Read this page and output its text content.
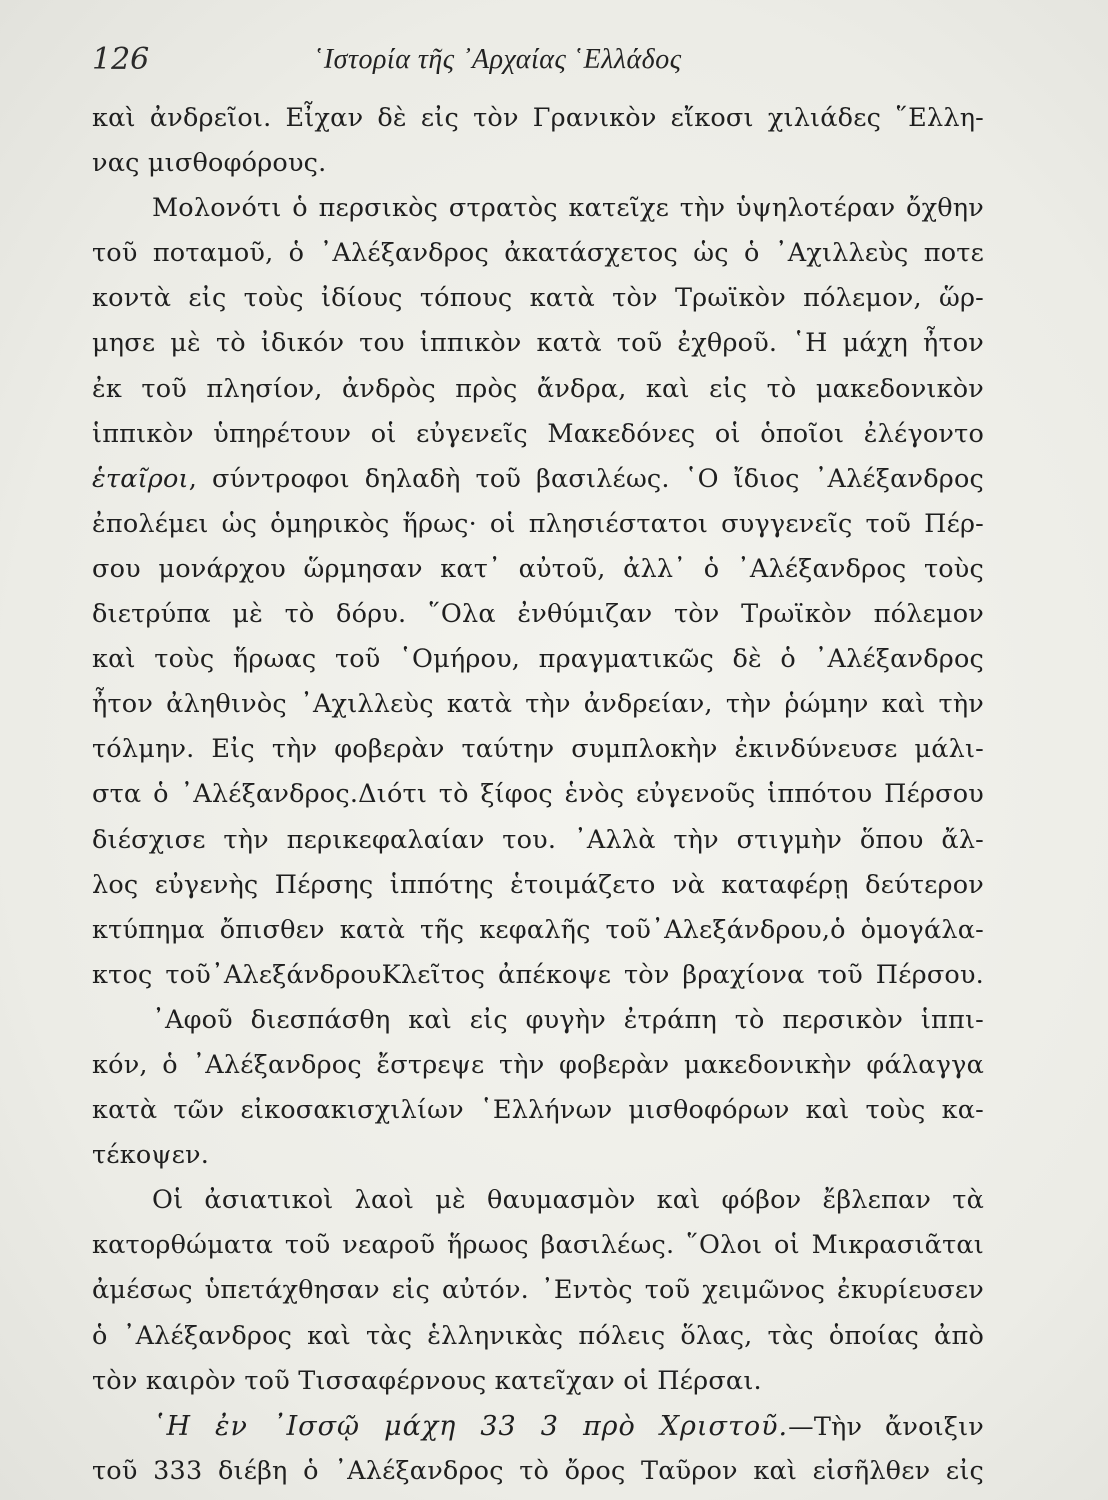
126	῾Ιστορία τῆς ᾿Αρχαίας ῾Ελλάδος
καὶ ἀνδρεῖοι. Εἶχαν δὲ εἰς τὸν Γρανικὸν εἴκοσι χιλιάδες ῞Ελλη-
νας μισθοφόρους.
Μολονότι ὁ περσικὸς στρατὸς κατεῖχε τὴν ὑψηλοτέραν ὄχθην
τοῦ ποταμοῦ, ὁ ᾿Αλέξανδρος ἀκατάσχετος ὡς ὁ ᾿Αχιλλεὺς ποτε
κοντὰ εἰς τοὺς ἰδίους τόπους κατὰ τὸν Τρωϊκὸν πόλεμον, ὥρ-
μησε μὲ τὸ ἰδικόν του ἱππικὸν κατὰ τοῦ ἐχθροῦ. ῾Η μάχη ἦτον
ἐκ τοῦ πλησίον, ἀνδρὸς πρὸς ἄνδρα, καὶ εἰς τὸ μακεδονικὸν
ἱππικὸν ὑπηρέτουν οἱ εὐγενεῖς Μακεδόνες οἱ ὁποῖοι ἐλέγοντο
ἑταῖροι, σύντροφοι δηλαδὴ τοῦ βασιλέως. ῾Ο ἴδιος ᾿Αλέξανδρος
ἐπολέμει ὡς ὁμηρικὸς ἥρως· οἱ πλησιέστατοι συγγενεῖς τοῦ Πέρ-
σου μονάρχου ὥρμησαν κατ᾿ αὐτοῦ, ἀλλ᾿ ὁ ᾿Αλέξανδρος τοὺς
διετρύπα μὲ τὸ δόρυ. ῞Ολα ἐνθύμιζαν τὸν Τρωϊκὸν πόλεμον
καὶ τοὺς ἥρωας τοῦ ῾Ομήρου, πραγματικῶς δὲ ὁ ᾿Αλέξανδρος
ἦτον ἀληθινὸς ᾿Αχιλλεὺς κατὰ τὴν ἀνδρείαν, τὴν ῥώμην καὶ τὴν
τόλμην. Εἰς τὴν φοβερὰν ταύτην συμπλοκὴν ἐκινδύνευσε μάλι-
στα ὁ ᾿Αλέξανδρος.Διότι τὸ ξίφος ἑνὸς εὐγενοῦς ἱππότου Πέρσου
διέσχισε τὴν περικεφαλαίαν του. ᾿Αλλὰ τὴν στιγμὴν ὅπου ἄλ-
λος εὐγενὴς Πέρσης ἱππότης ἑτοιμάζετο νὰ καταφέρῃ δεύτερον
κτύπημα ὄπισθεν κατὰ τῆς κεφαλῆς τοῦ᾿Αλεξάνδρου,ὁ ὁμογάλα-
κτος τοῦ᾿ΑλεξάνδρουΚλεῖτος ἀπέκοψε τὸν βραχίονα τοῦ Πέρσου.
᾿Αφοῦ διεσπάσθη καὶ εἰς φυγὴν ἐτράπη τὸ περσικὸν ἱππι-
κόν, ὁ ᾿Αλέξανδρος ἔστρεψε τὴν φοβερὰν μακεδονικὴν φάλαγγα
κατὰ τῶν εἰκοσακισχιλίων ῾Ελλήνων μισθοφόρων καὶ τοὺς κα-
τέκοψεν.
Οἱ ἀσιατικοὶ λαοὶ μὲ θαυμασμὸν καὶ φόβον ἔβλεπαν τὰ
κατορθώματα τοῦ νεαροῦ ἥρωος βασιλέως. ῞Ολοι οἱ Μικρασιᾶται
ἀμέσως ὑπετάχθησαν εἰς αὐτόν. ᾿Εντὸς τοῦ χειμῶνος ἐκυρίευσεν
ὁ ᾿Αλέξανδρος καὶ τὰς ἑλληνικὰς πόλεις ὅλας, τὰς ὁποίας ἀπὸ
τὸν καιρὸν τοῦ Τισσαφέρνους κατεῖχαν οἱ Πέρσαι.
῾Η ἐν ᾿Ισσῷ μάχη 33 3 πρὸ Χριστοῦ.—Τὴν ἄνοιξιν
τοῦ 333 διέβη ὁ ᾿Αλέξανδρος τὸ ὄρος Ταῦρον καὶ εἰσῆλθεν εἰς
